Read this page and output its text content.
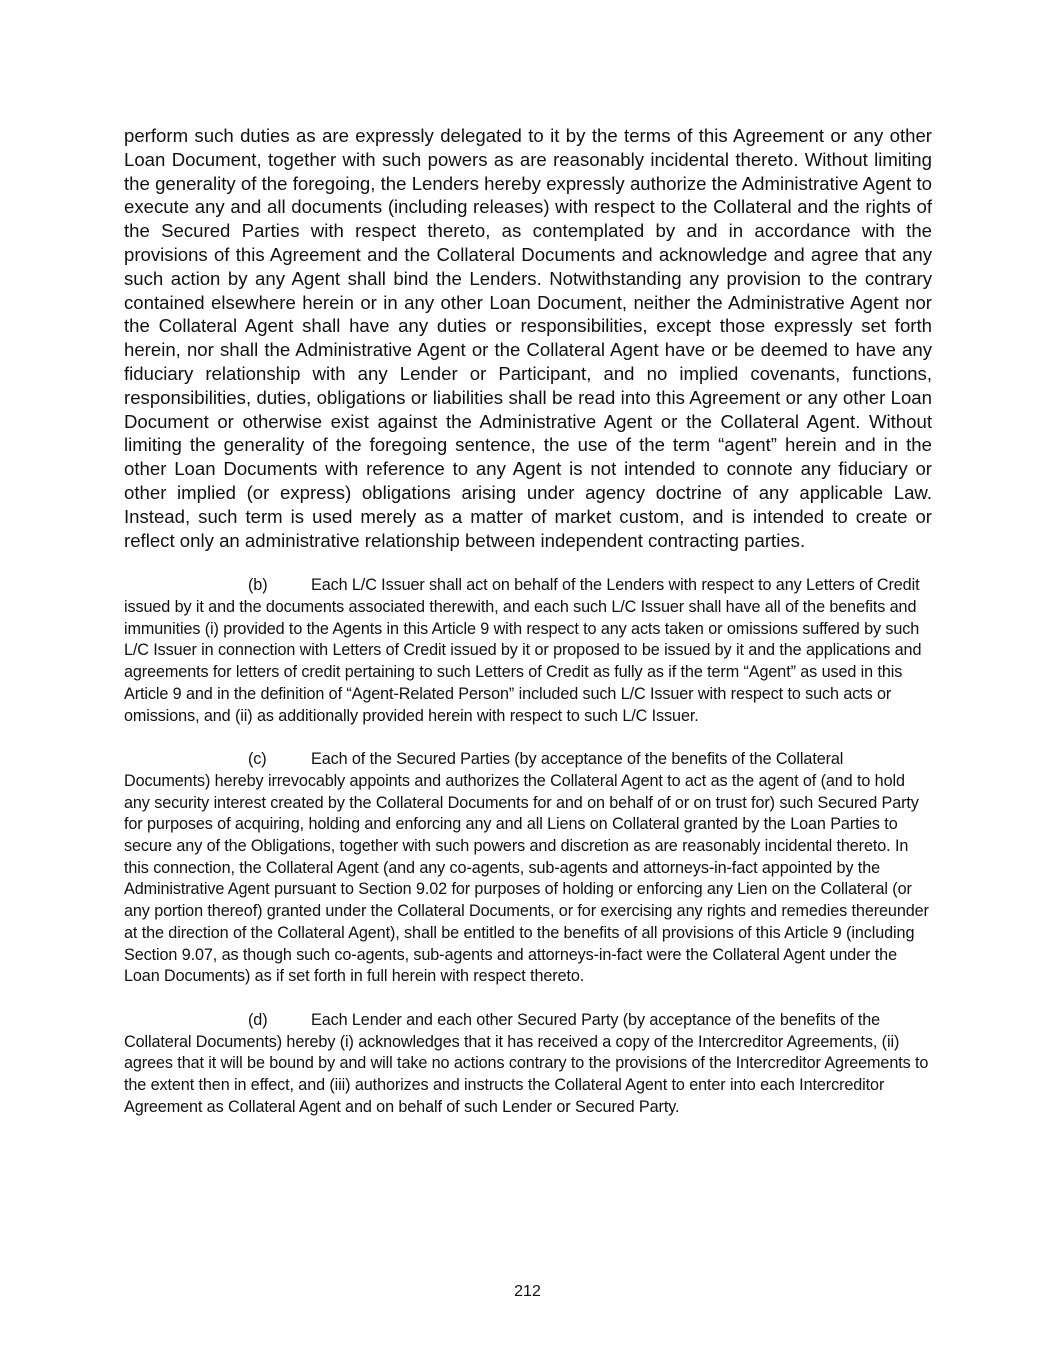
perform such duties as are expressly delegated to it by the terms of this Agreement or any other Loan Document, together with such powers as are reasonably incidental thereto. Without limiting the generality of the foregoing, the Lenders hereby expressly authorize the Administrative Agent to execute any and all documents (including releases) with respect to the Collateral and the rights of the Secured Parties with respect thereto, as contemplated by and in accordance with the provisions of this Agreement and the Collateral Documents and acknowledge and agree that any such action by any Agent shall bind the Lenders. Notwithstanding any provision to the contrary contained elsewhere herein or in any other Loan Document, neither the Administrative Agent nor the Collateral Agent shall have any duties or responsibilities, except those expressly set forth herein, nor shall the Administrative Agent or the Collateral Agent have or be deemed to have any fiduciary relationship with any Lender or Participant, and no implied covenants, functions, responsibilities, duties, obligations or liabilities shall be read into this Agreement or any other Loan Document or otherwise exist against the Administrative Agent or the Collateral Agent. Without limiting the generality of the foregoing sentence, the use of the term “agent” herein and in the other Loan Documents with reference to any Agent is not intended to connote any fiduciary or other implied (or express) obligations arising under agency doctrine of any applicable Law. Instead, such term is used merely as a matter of market custom, and is intended to create or reflect only an administrative relationship between independent contracting parties.

(b)	Each L/C Issuer shall act on behalf of the Lenders with respect to any Letters of Credit issued by it and the documents associated therewith, and each such L/C Issuer shall have all of the benefits and immunities (i) provided to the Agents in this Article 9 with respect to any acts taken or omissions suffered by such L/C Issuer in connection with Letters of Credit issued by it or proposed to be issued by it and the applications and agreements for letters of credit pertaining to such Letters of Credit as fully as if the term “Agent” as used in this Article 9 and in the definition of “Agent-Related Person” included such L/C Issuer with respect to such acts or omissions, and (ii) as additionally provided herein with respect to such L/C Issuer.

(c)	Each of the Secured Parties (by acceptance of the benefits of the Collateral Documents) hereby irrevocably appoints and authorizes the Collateral Agent to act as the agent of (and to hold any security interest created by the Collateral Documents for and on behalf of or on trust for) such Secured Party for purposes of acquiring, holding and enforcing any and all Liens on Collateral granted by the Loan Parties to secure any of the Obligations, together with such powers and discretion as are reasonably incidental thereto. In this connection, the Collateral Agent (and any co-agents, sub-agents and attorneys-in-fact appointed by the Administrative Agent pursuant to Section 9.02 for purposes of holding or enforcing any Lien on the Collateral (or any portion thereof) granted under the Collateral Documents, or for exercising any rights and remedies thereunder at the direction of the Collateral Agent), shall be entitled to the benefits of all provisions of this Article 9 (including Section 9.07, as though such co-agents, sub-agents and attorneys-in-fact were the Collateral Agent under the Loan Documents) as if set forth in full herein with respect thereto.

(d)	Each Lender and each other Secured Party (by acceptance of the benefits of the Collateral Documents) hereby (i) acknowledges that it has received a copy of the Intercreditor Agreements, (ii) agrees that it will be bound by and will take no actions contrary to the provisions of the Intercreditor Agreements to the extent then in effect, and (iii) authorizes and instructs the Collateral Agent to enter into each Intercreditor Agreement as Collateral Agent and on behalf of such Lender or Secured Party.

212
